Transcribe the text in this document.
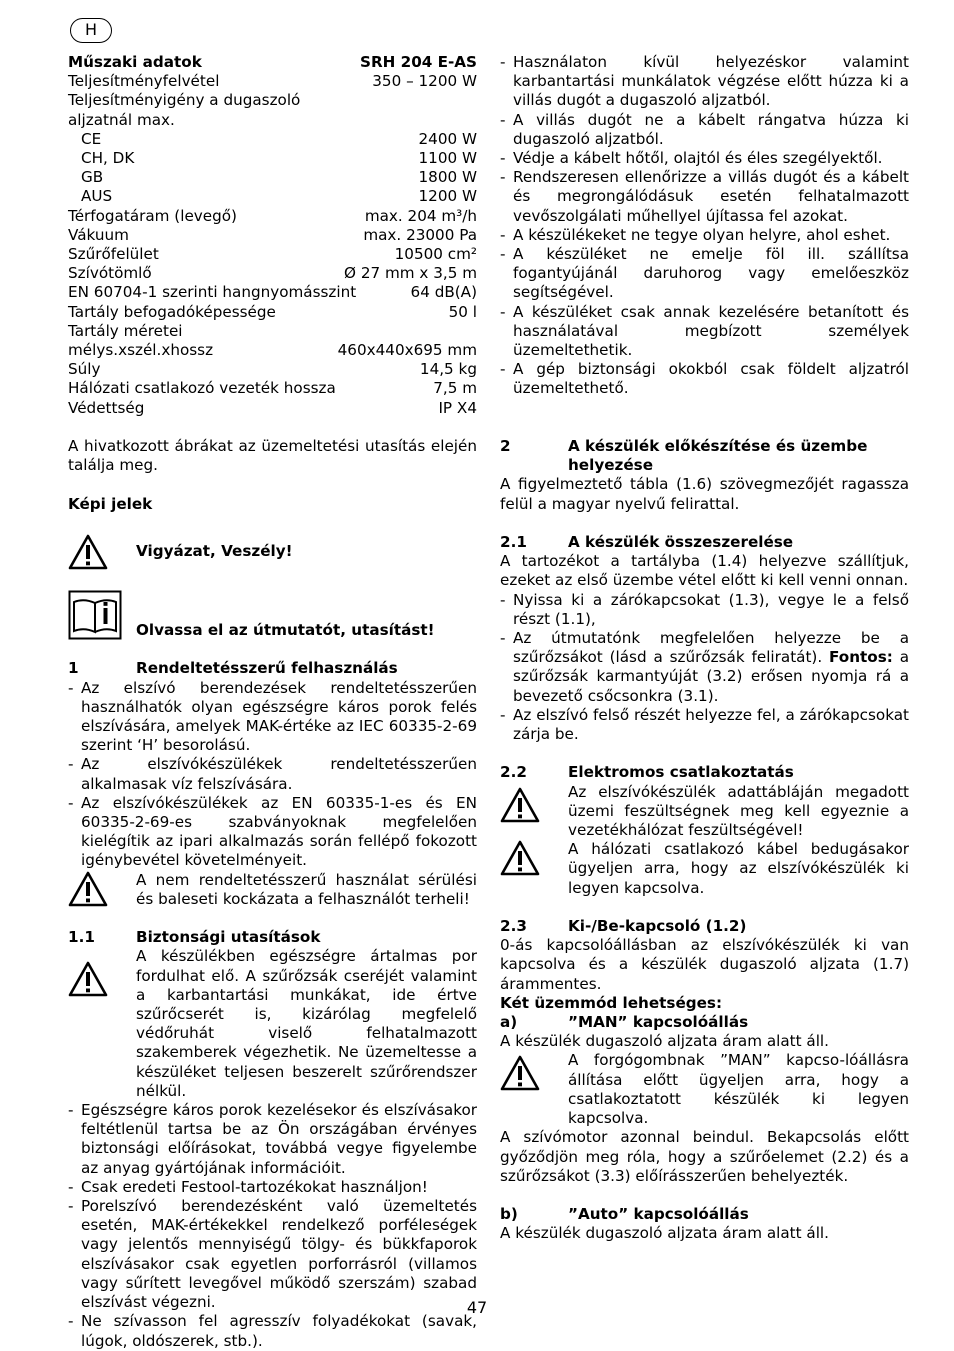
H
Műszaki adatok	SRH 204 E-AS
Teljesítményfelvétel	350 – 1200 W
Teljesítményigény a dugaszoló
aljzatnál max.
CE	2400 W
CH, DK	1100 W
GB	1800 W
AUS	1200 W
Térfogatáram (levegő)	max. 204 m³/h
Vákuum	max. 23000 Pa
Szűrőfelület	10500 cm²
Szívótömlő	Ø 27 mm x 3,5 m
EN 60704-1 szerinti hangnyomásszint	64 dB(A)
Tartály befogadóképessége	50 l
Tartály méretei
mélys.xszél.xhossz	460x440x695 mm
Súly	14,5 kg
Hálózati csatlakozó vezeték hossza	7,5 m
Védettség	IP X4
A hivatkozott ábrákat az üzemeltetési utasítás elején találja meg.
Képi jelek
Vigyázat, Veszély!
Olvassa el az útmutatót, utasítást!
1	Rendeltetésszerű felhasználás
- Az elszívó berendezések rendeltetésszerűen használhatók olyan egészségre káros porok felés elszívására, amelyek MAK-értéke az IEC 60335-2-69 szerint ‘H’ besorolású.
- Az elszívókészülékek rendeltetésszerűen alkalmasak víz felszívására.
- Az elszívókészülékek az EN 60335-1-es és EN 60335-2-69-es szabványoknak megfelelően kielégítik az ipari alkalmazás során fellépő fokozott igénybevétel követelményeit.
A nem rendeltetésszerű használat sérülési és baleseti kockázata a felhasználót terheli!
1.1	Biztonsági utasítások
A készülékben egészségre ártalmas por fordulhat elő. A szűrőzsák cseréjét valamint a karbantartási munkákat, ide értve szűrőcserét is, kizárólag megfelelő védőruhát viselő felhatalmazott szakemberek végezhetik. Ne üzemeltesse a készüléket teljesen beszerelt szűrőrendszer nélkül.
- Egészségre káros porok kezelésekor és elszívásakor feltétlenül tartsa be az Ön országában érvényes biztonsági előírásokat, továbbá vegye figyelembe az anyag gyártójának információit.
- Csak eredeti Festool-tartozékokat használjon!
- Porelszívó berendezésként való üzemeltetés esetén, MAK-értékekkel rendelkező porféleségek vagy jelentős mennyiségű tölgy- és bükkfaporok elszívásakor csak egyetlen porforrásról (villamos vagy sűrített levegővel működő szerszám) szabad elszívást végezni.
- Ne szívasson fel agresszív folyadékokat (savak, lúgok, oldószerek, stb.).
- Használaton kívül helyezéskor valamint karbantartási munkálatok végzése előtt húzza ki a villás dugót a dugaszoló aljzatból.
- A villás dugót ne a kábelt rángatva húzza ki dugaszoló aljzatból.
- Védje a kábelt hőtől, olajtól és éles szegélyektől.
- Rendszeresen ellenőrizze a villás dugót és a kábelt és megrongálódásuk esetén felhatalmazott vevőszolgálati műhellyel újítassa fel azokat.
- A készülékeket ne tegye olyan helyre, ahol eshet.
- A készüléket ne emelje föl ill. szállítsa fogantyújánál daruhorog vagy emelőeszköz segítségével.
- A készüléket csak annak kezelésére betanított és használatával megbízott személyek üzemeltethetik.
- A gép biztonsági okokból csak földelt aljzatról üzemeltethető.
2	A készülék előkészítése és üzembe helyezése
A figyelmeztető tábla (1.6) szövegmezőjét ragassza felül a magyar nyelvű felirattal.
2.1	A készülék összeszerelése
A tartozékot a tartályba (1.4) helyezve szállítjuk, ezeket az első üzembe vétel előtt ki kell venni onnan.
- Nyissa ki a zárókapcsokat (1.3), vegye le a felső részt (1.1),
- Az útmutatónk megfelelően helyezze be a szűrőzsákot (lásd a szűrőzsák feliratát). Fontos: a szűrőzsák karmantyúját (3.2) erősen nyomja rá a bevezető csőcsonkra (3.1).
- Az elszívó felső részét helyezze fel, a zárókapcsokat zárja be.
2.2	Elektromos csatlakoztatás
Az elszívókészülék adattábláján megadott üzemi feszültségnek meg kell egyeznie a vezetékhálózat feszültségével!
A hálózati csatlakozó kábel bedugásakor ügyeljen arra, hogy az elszívókészülék ki legyen kapcsolva.
2.3	Ki-/Be-kapcsoló (1.2)
0-ás kapcsolóállásban az elszívókészülék ki van kapcsolva és a készülék dugaszoló aljzata (1.7) árammentes.
Két üzemmód lehetséges:
a)	”MAN” kapcsolóállás
A készülék dugaszoló aljzata áram alatt áll.
A forgógombnak ”MAN” kapcso-lóállásra állítása előtt ügyeljen arra, hogy a csatlakoztatott készülék ki legyen kapcsolva.
A szívómotor azonnal beindul. Bekapcsolás előtt győződjön meg róla, hogy a szűrőelemet (2.2) és a szűrőzsákot (3.3) előírásszerűen behelyezték.
b)	”Auto” kapcsolóállás
A készülék dugaszoló aljzata áram alatt áll.
47
